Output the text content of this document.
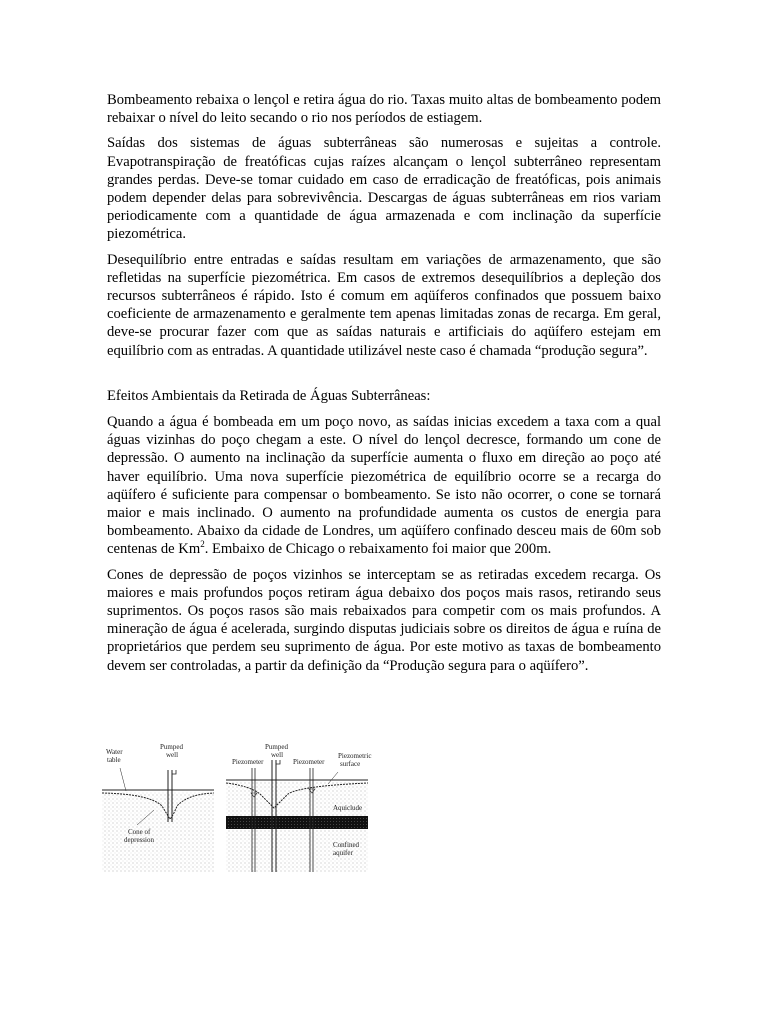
Bombeamento rebaixa o lençol e retira água do rio. Taxas muito altas de bombeamento podem rebaixar o nível do leito secando o rio nos períodos de estiagem.

Saídas dos sistemas de águas subterrâneas são numerosas e sujeitas a controle. Evapotranspiração de freatóficas cujas raízes alcançam o lençol subterrâneo representam grandes perdas. Deve-se tomar cuidado em caso de erradicação de freatóficas, pois animais podem depender delas para sobrevivência. Descargas de águas subterrâneas em rios variam periodicamente com a quantidade de água armazenada e com inclinação da superfície piezométrica.

Desequilíbrio entre entradas e saídas resultam em variações de armazenamento, que são refletidas na superfície piezométrica. Em casos de extremos desequilíbrios a depleção dos recursos subterrâneos é rápido. Isto é comum em aqüíferos confinados que possuem baixo coeficiente de armazenamento e geralmente tem apenas limitadas zonas de recarga. Em geral, deve-se procurar fazer com que as saídas naturais e artificiais do aqüífero estejam em equilíbrio com as entradas. A quantidade utilizável neste caso é chamada “produção segura”.

Efeitos Ambientais da Retirada de Águas Subterrâneas:

Quando a água é bombeada em um poço novo, as saídas inicias excedem a taxa com a qual águas vizinhas do poço chegam a este. O nível do lençol decresce, formando um cone de depressão. O aumento na inclinação da superfície aumenta o fluxo em direção ao poço até haver equilíbrio. Uma nova superfície piezométrica de equilíbrio ocorre se a recarga do aqüífero é suficiente para compensar o bombeamento. Se isto não ocorrer, o cone se tornará maior e mais inclinado. O aumento na profundidade aumenta os custos de energia para bombeamento. Abaixo da cidade de Londres, um aqüífero confinado desceu mais de 60m sob centenas de Km$^2$. Embaixo de Chicago o rebaixamento foi maior que 200m.

Cones de depressão de poços vizinhos se interceptam se as retiradas excedem recarga. Os maiores e mais profundos poços retiram água debaixo dos poços mais rasos, retirando seus suprimentos. Os poços rasos são mais rebaixados para competir com os mais profundos. A mineração de água é acelerada, surgindo disputas judiciais sobre os direitos de água e ruína de proprietários que perdem seu suprimento de água. Por este motivo as taxas de bombeamento devem ser controladas, a partir da definição da “Produção segura para o aqüífero”.

Water
table
Pumped
well
Cone of
depression
Pumped
well
Piezometer	Piezometer
Piezometric
surface
Aquiclude
Confined
aquifer
